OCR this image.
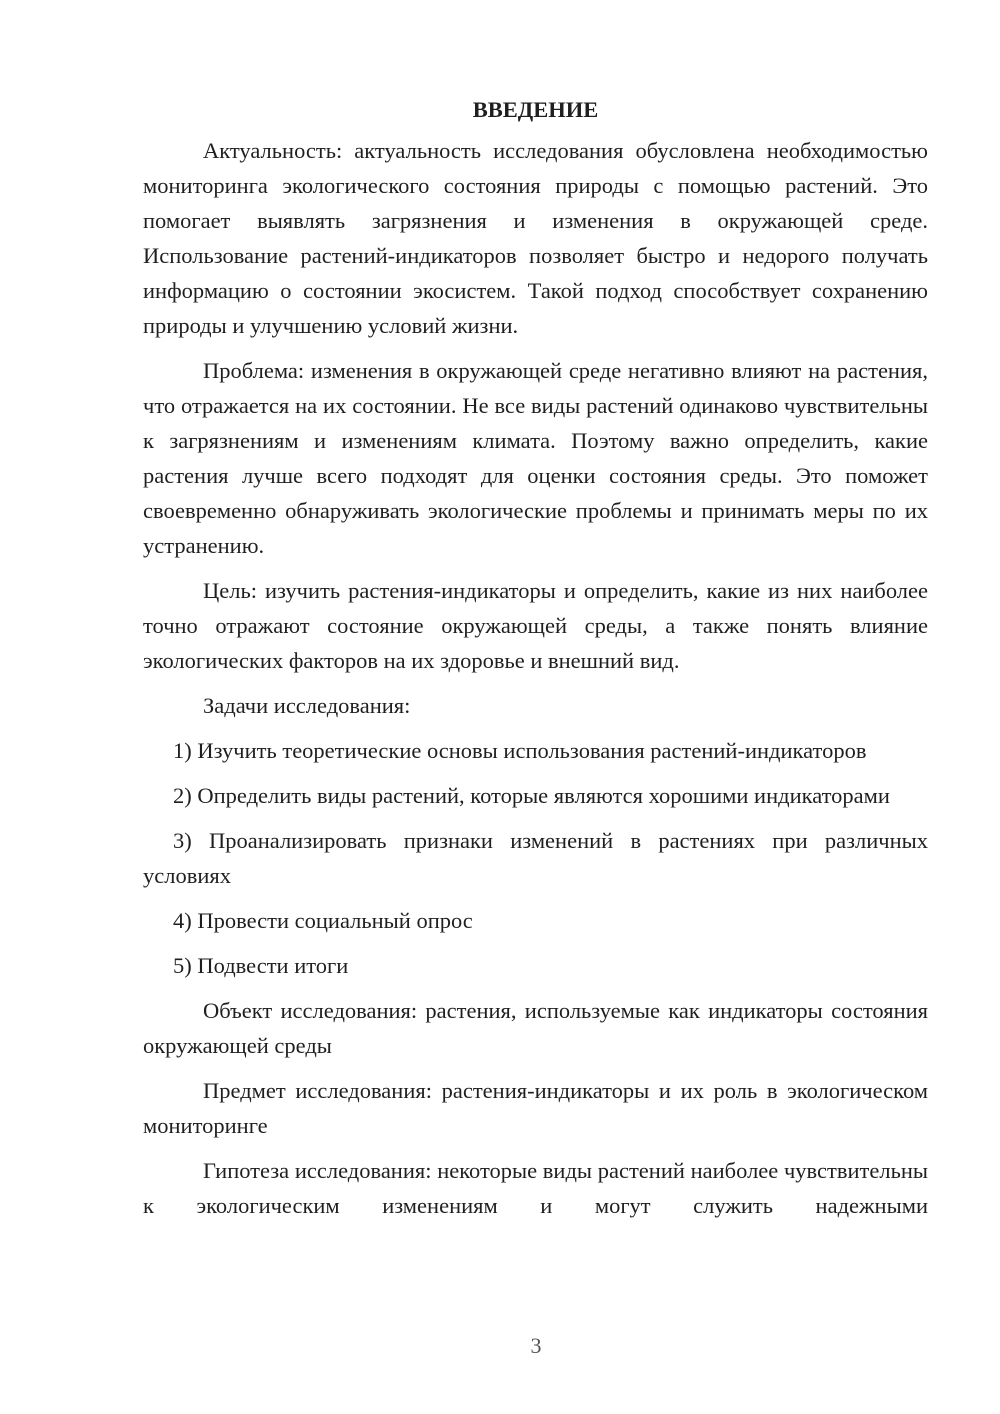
ВВЕДЕНИЕ

Актуальность: актуальность исследования обусловлена необходимостью мониторинга экологического состояния природы с помощью растений. Это помогает выявлять загрязнения и изменения в окружающей среде. Использование растений-индикаторов позволяет быстро и недорого получать информацию о состоянии экосистем. Такой подход способствует сохранению природы и улучшению условий жизни.

Проблема: изменения в окружающей среде негативно влияют на растения, что отражается на их состоянии. Не все виды растений одинаково чувствительны к загрязнениям и изменениям климата. Поэтому важно определить, какие растения лучше всего подходят для оценки состояния среды. Это поможет своевременно обнаруживать экологические проблемы и принимать меры по их устранению.

Цель: изучить растения-индикаторы и определить, какие из них наиболее точно отражают состояние окружающей среды, а также понять влияние экологических факторов на их здоровье и внешний вид.

Задачи исследования:

1) Изучить теоретические основы использования растений-индикаторов

2) Определить виды растений, которые являются хорошими индикаторами

3) Проанализировать признаки изменений в растениях при различных условиях

4) Провести социальный опрос

5) Подвести итоги

Объект исследования: растения, используемые как индикаторы состояния окружающей среды

Предмет исследования: растения-индикаторы и их роль в экологическом мониторинге

Гипотеза исследования: некоторые виды растений наиболее чувствительны к экологическим изменениям и могут служить надежными

3
